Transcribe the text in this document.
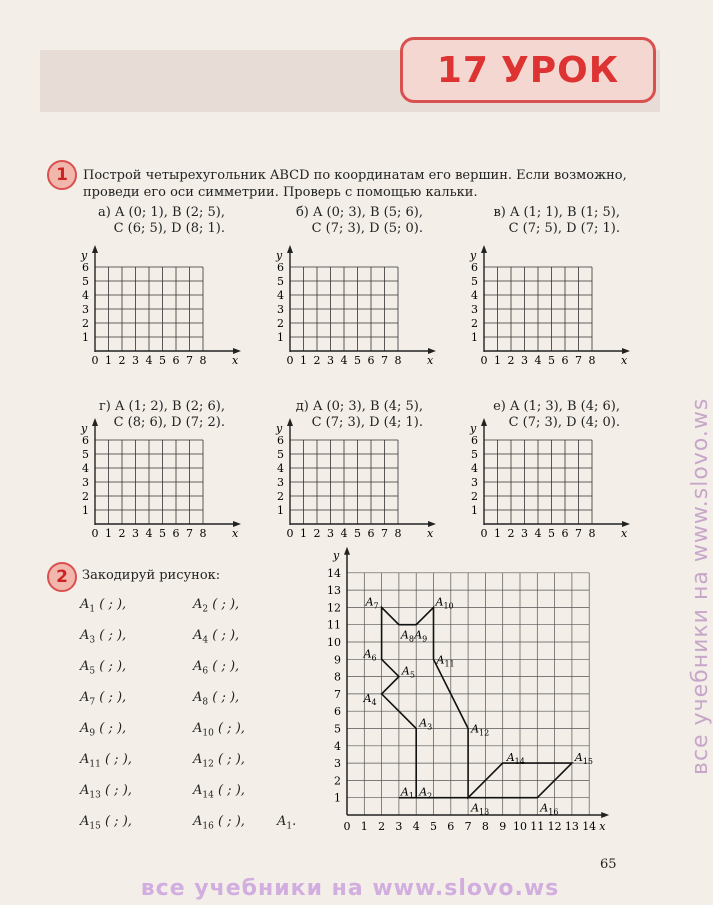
17 УРОК
1	Построй четырехугольник ABCD по координатам его вершин. Если возможно, проведи его оси симметрии. Проверь с помощью кальки.
а) A (0; 1), B (2; 5),
C (6; 5), D (8; 1).
б) A (0; 3), B (5; 6),
C (7; 3), D (5; 0).
в) A (1; 1), B (1; 5),
C (7; 5), D (7; 1).
г) A (1; 2), B (2; 6),
C (8; 6), D (7; 2).
д) A (0; 3), B (4; 5),
C (7; 3), D (4; 1).
е) A (1; 3), B (4; 6),
C (7; 3), D (4; 0).
0 1 2 3 4 5 6 7 8
1
2
3
4
5
6
x
y
0 1 2 3 4 5 6 7 8
1
2
3
4
5
6
x
y
0 1 2 3 4 5 6 7 8
1
2
3
4
5
6
x
y
0 1 2 3 4 5 6 7 8
1
2
3
4
5
6
x
y
0 1 2 3 4 5 6 7 8
1
2
3
4
5
6
x
y
0 1 2 3 4 5 6 7 8
1
2
3
4
5
6
x
y
2	Закодируй рисунок:
$A_1$ ( ; ),	$A_2$ ( ; ),
$A_3$ ( ; ),	$A_4$ ( ; ),
$A_5$ ( ; ),	$A_6$ ( ; ),
$A_7$ ( ; ),	$A_8$ ( ; ),
$A_9$ ( ; ),	$A_{10}$ ( ; ),
$A_{11}$ ( ; ),	$A_{12}$ ( ; ),
$A_{13}$ ( ; ),	$A_{14}$ ( ; ),
$A_{15}$ ( ; ),	$A_{16}$ ( ; ), $A_1$.	0 1 2 3 4 5 6 7 8 9 10 11 12 13 14
1
2
3
4
5
6
7
8
9
10
11
12
13
14
x
y
$A_1$ $A_2$
$A_3$
$A_4$
$A_5$
$A_6$
$A_7$
$A_8$ $A_9$
$A_{10}$
$A_{11}$
$A_{12}$
$A_{13}$
$A_{14}$	$A_{15}$
$A_{16}$
65
все учебники на www.slovo.ws
все учебники на www.slovo.ws
